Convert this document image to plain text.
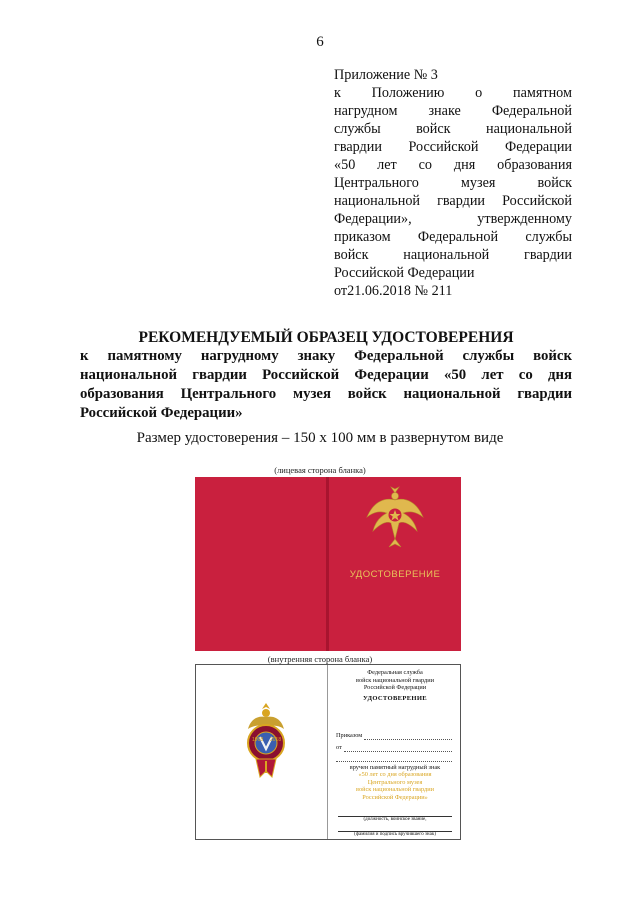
6
Приложение № 3
к Положению о памятном
нагрудном знаке Федеральной
службы войск национальной
гвардии Российской Федерации
«50 лет со дня образования
Центрального музея войск
национальной гвардии Российской
Федерации», утвержденному
приказом Федеральной службы
войск национальной гвардии
Российской Федерации
от21.06.2018 № 211
РЕКОМЕНДУЕМЫЙ ОБРАЗЕЦ УДОСТОВЕРЕНИЯ
к памятному нагрудному знаку Федеральной службы войск
национальной гвардии Российской Федерации «50 лет со дня
образования Центрального музея войск национальной гвардии
Российской Федерации»
Размер удостоверения – 150 х 100 мм в развернутом виде
(лицевая сторона бланка)
УДОСТОВЕРЕНИЕ
(внутренняя сторона бланка)
1968 2018
Федеральная служба
войск национальной гвардии
Российской Федерации
УДОСТОВЕРЕНИЕ
Приказом
от
вручен памятный нагрудный знак
«50 лет со дня образования
Центрального музея
войск национальной гвардии
Российской Федерации»
(должность, воинское звание,
(фамилия и подпись вручившего знак)
